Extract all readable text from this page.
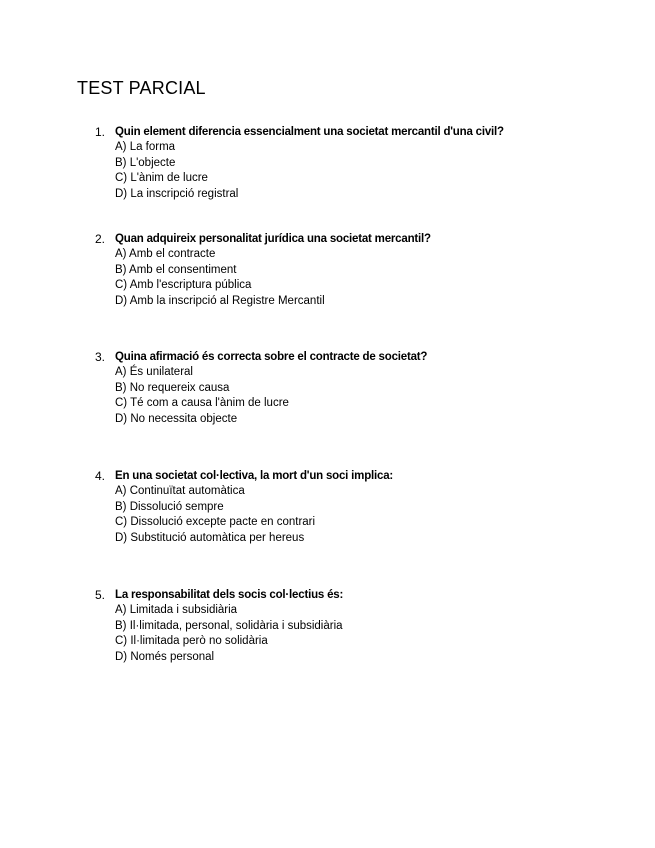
TEST PARCIAL
1. Quin element diferencia essencialment una societat mercantil d'una civil?
A) La forma
B) L'objecte
C) L'ànim de lucre
D) La inscripció registral
2. Quan adquireix personalitat jurídica una societat mercantil?
A) Amb el contracte
B) Amb el consentiment
C) Amb l'escriptura pública
D) Amb la inscripció al Registre Mercantil
3. Quina afirmació és correcta sobre el contracte de societat?
A) És unilateral
B) No requereix causa
C) Té com a causa l'ànim de lucre
D) No necessita objecte
4. En una societat col·lectiva, la mort d'un soci implica:
A) Continuïtat automàtica
B) Dissolució sempre
C) Dissolució excepte pacte en contrari
D) Substitució automàtica per hereus
5. La responsabilitat dels socis col·lectius és:
A) Limitada i subsidiària
B) Il·limitada, personal, solidària i subsidiària
C) Il·limitada però no solidària
D) Només personal
